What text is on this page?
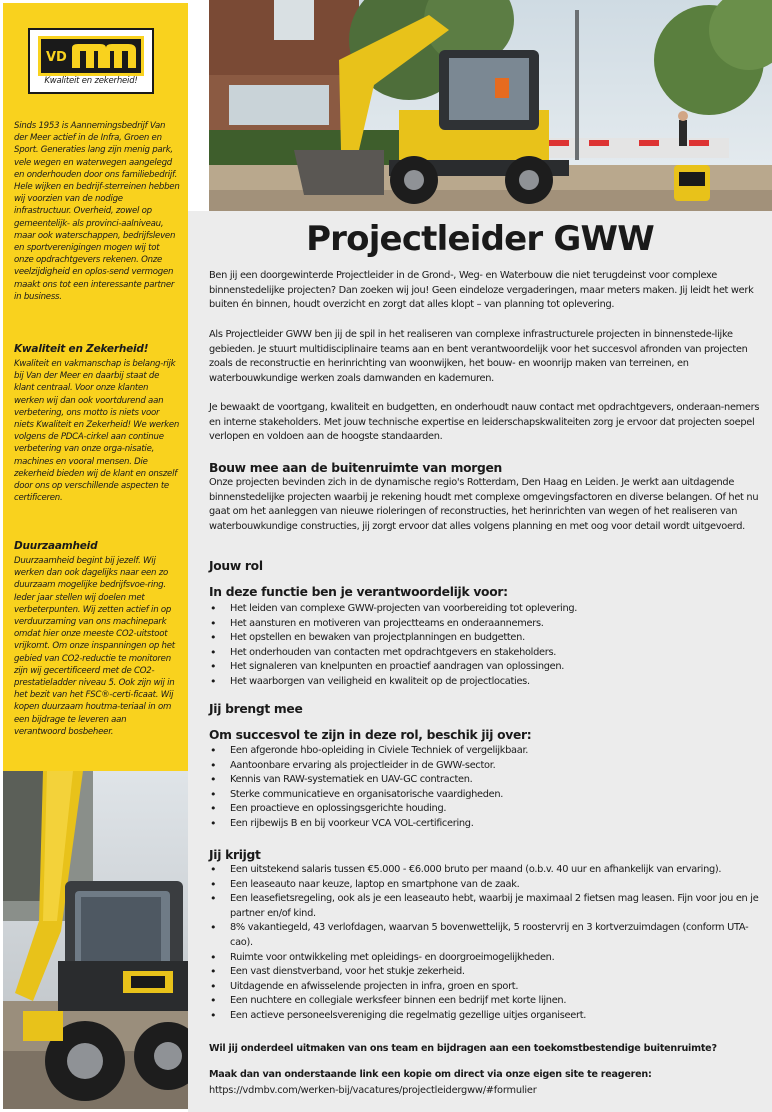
VD
Kwaliteit en zekerheid!
Sinds 1953 is Aannemingsbedrijf Van der Meer actief in de Infra, Groen en Sport. Generaties lang zijn menig park, vele wegen en waterwegen aangelegd en onderhouden door ons familiebedrijf. Hele wijken en bedrijf-sterreinen hebben wij voorzien van de nodige infrastructuur. Overheid, zowel op gemeentelijk- als provinci-aalniveau, maar ook waterschappen, bedrijfsleven en sportverenigingen mogen wij tot onze opdrachtgevers rekenen. Onze veelzijdigheid en oplos-send vermogen maakt ons tot een interessante partner in business.
Kwaliteit en Zekerheid!
Kwaliteit en vakmanschap is belang-rijk bij Van der Meer en daarbij staat de klant centraal. Voor onze klanten werken wij dan ook voortdurend aan verbetering, ons motto is niets voor niets Kwaliteit en Zekerheid! We werken volgens de PDCA-cirkel aan continue verbetering van onze orga-nisatie, machines en vooral mensen. Die zekerheid bieden wij de klant en onszelf door ons op verschillende aspecten te certificeren.
Duurzaamheid
Duurzaamheid begint bij jezelf. Wij werken dan ook dagelijks naar een zo duurzaam mogelijke bedrijfsvoe-ring. Ieder jaar stellen wij doelen met verbeterpunten. Wij zetten actief in op verduurzaming van ons machinepark omdat hier onze meeste CO2-uitstoot vrijkomt. Om onze inspanningen op het gebied van CO2-reductie te monitoren zijn wij gecertificeerd met de CO2-prestatieladder niveau 5. Ook zijn wij in het bezit van het FSC®-certi-ficaat. Wij kopen duurzaam houtma-teriaal in om een bijdrage te leveren aan verantwoord bosbeheer.
Projectleider GWW

Ben jij een doorgewinterde Projectleider in de Grond-, Weg- en Waterbouw die niet terugdeinst voor complexe binnenstedelijke projecten? Dan zoeken wij jou! Geen eindeloze vergaderingen, maar meters maken. Jij leidt het werk buiten én binnen, houdt overzicht en zorgt dat alles klopt – van planning tot oplevering.

Als Projectleider GWW ben jij de spil in het realiseren van complexe infrastructurele projecten in binnenstede-lijke gebieden. Je stuurt multidisciplinaire teams aan en bent verantwoordelijk voor het succesvol afronden van projecten zoals de reconstructie en herinrichting van woonwijken, het bouw- en woonrijp maken van terreinen, en waterbouwkundige werken zoals damwanden en kademuren.

Je bewaakt de voortgang, kwaliteit en budgetten, en onderhoudt nauw contact met opdrachtgevers, onderaan-nemers en interne stakeholders. Met jouw technische expertise en leiderschapskwaliteiten zorg je ervoor dat projecten soepel verlopen en voldoen aan de hoogste standaarden.

Bouw mee aan de buitenruimte van morgen

Onze projecten bevinden zich in de dynamische regio's Rotterdam, Den Haag en Leiden. Je werkt aan uitdagende binnenstedelijke projecten waarbij je rekening houdt met complexe omgevingsfactoren en diverse belangen. Of het nu gaat om het aanleggen van nieuwe rioleringen of reconstructies, het herinrichten van wegen of het realiseren van waterbouwkundige constructies, jij zorgt ervoor dat alles volgens planning en met oog voor detail wordt uitgevoerd.

Jouw rol
In deze functie ben je verantwoordelijk voor:
• Het leiden van complexe GWW-projecten van voorbereiding tot oplevering.
• Het aansturen en motiveren van projectteams en onderaannemers.
• Het opstellen en bewaken van projectplanningen en budgetten.
• Het onderhouden van contacten met opdrachtgevers en stakeholders.
• Het signaleren van knelpunten en proactief aandragen van oplossingen.
• Het waarborgen van veiligheid en kwaliteit op de projectlocaties.
Jij brengt mee
Om succesvol te zijn in deze rol, beschik jij over:
• Een afgeronde hbo-opleiding in Civiele Techniek of vergelijkbaar.
• Aantoonbare ervaring als projectleider in de GWW-sector.
• Kennis van RAW-systematiek en UAV-GC contracten.
• Sterke communicatieve en organisatorische vaardigheden.
• Een proactieve en oplossingsgerichte houding.
• Een rijbewijs B en bij voorkeur VCA VOL-certificering.
Jij krijgt
• Een uitstekend salaris tussen €5.000 - €6.000 bruto per maand (o.b.v. 40 uur en afhankelijk van ervaring).
• Een leaseauto naar keuze, laptop en smartphone van de zaak.
• Een leasefietsregeling, ook als je een leaseauto hebt, waarbij je maximaal 2 fietsen mag leasen. Fijn voor jou en je partner en/of kind.
• 8% vakantiegeld, 43 verlofdagen, waarvan 5 bovenwettelijk, 5 roostervrij en 3 kortverzuimdagen (conform UTA-cao).
• Ruimte voor ontwikkeling met opleidings- en doorgroeimogelijkheden.
• Een vast dienstverband, voor het stukje zekerheid.
• Uitdagende en afwisselende projecten in infra, groen en sport.
• Een nuchtere en collegiale werksfeer binnen een bedrijf met korte lijnen.
• Een actieve personeelsvereniging die regelmatig gezellige uitjes organiseert.

Wil jij onderdeel uitmaken van ons team en bijdragen aan een toekomstbestendige buitenruimte?

Maak dan van onderstaande link een kopie om direct via onze eigen site te reageren:

https://vdmbv.com/werken-bij/vacatures/projectleidergww/#formulier
